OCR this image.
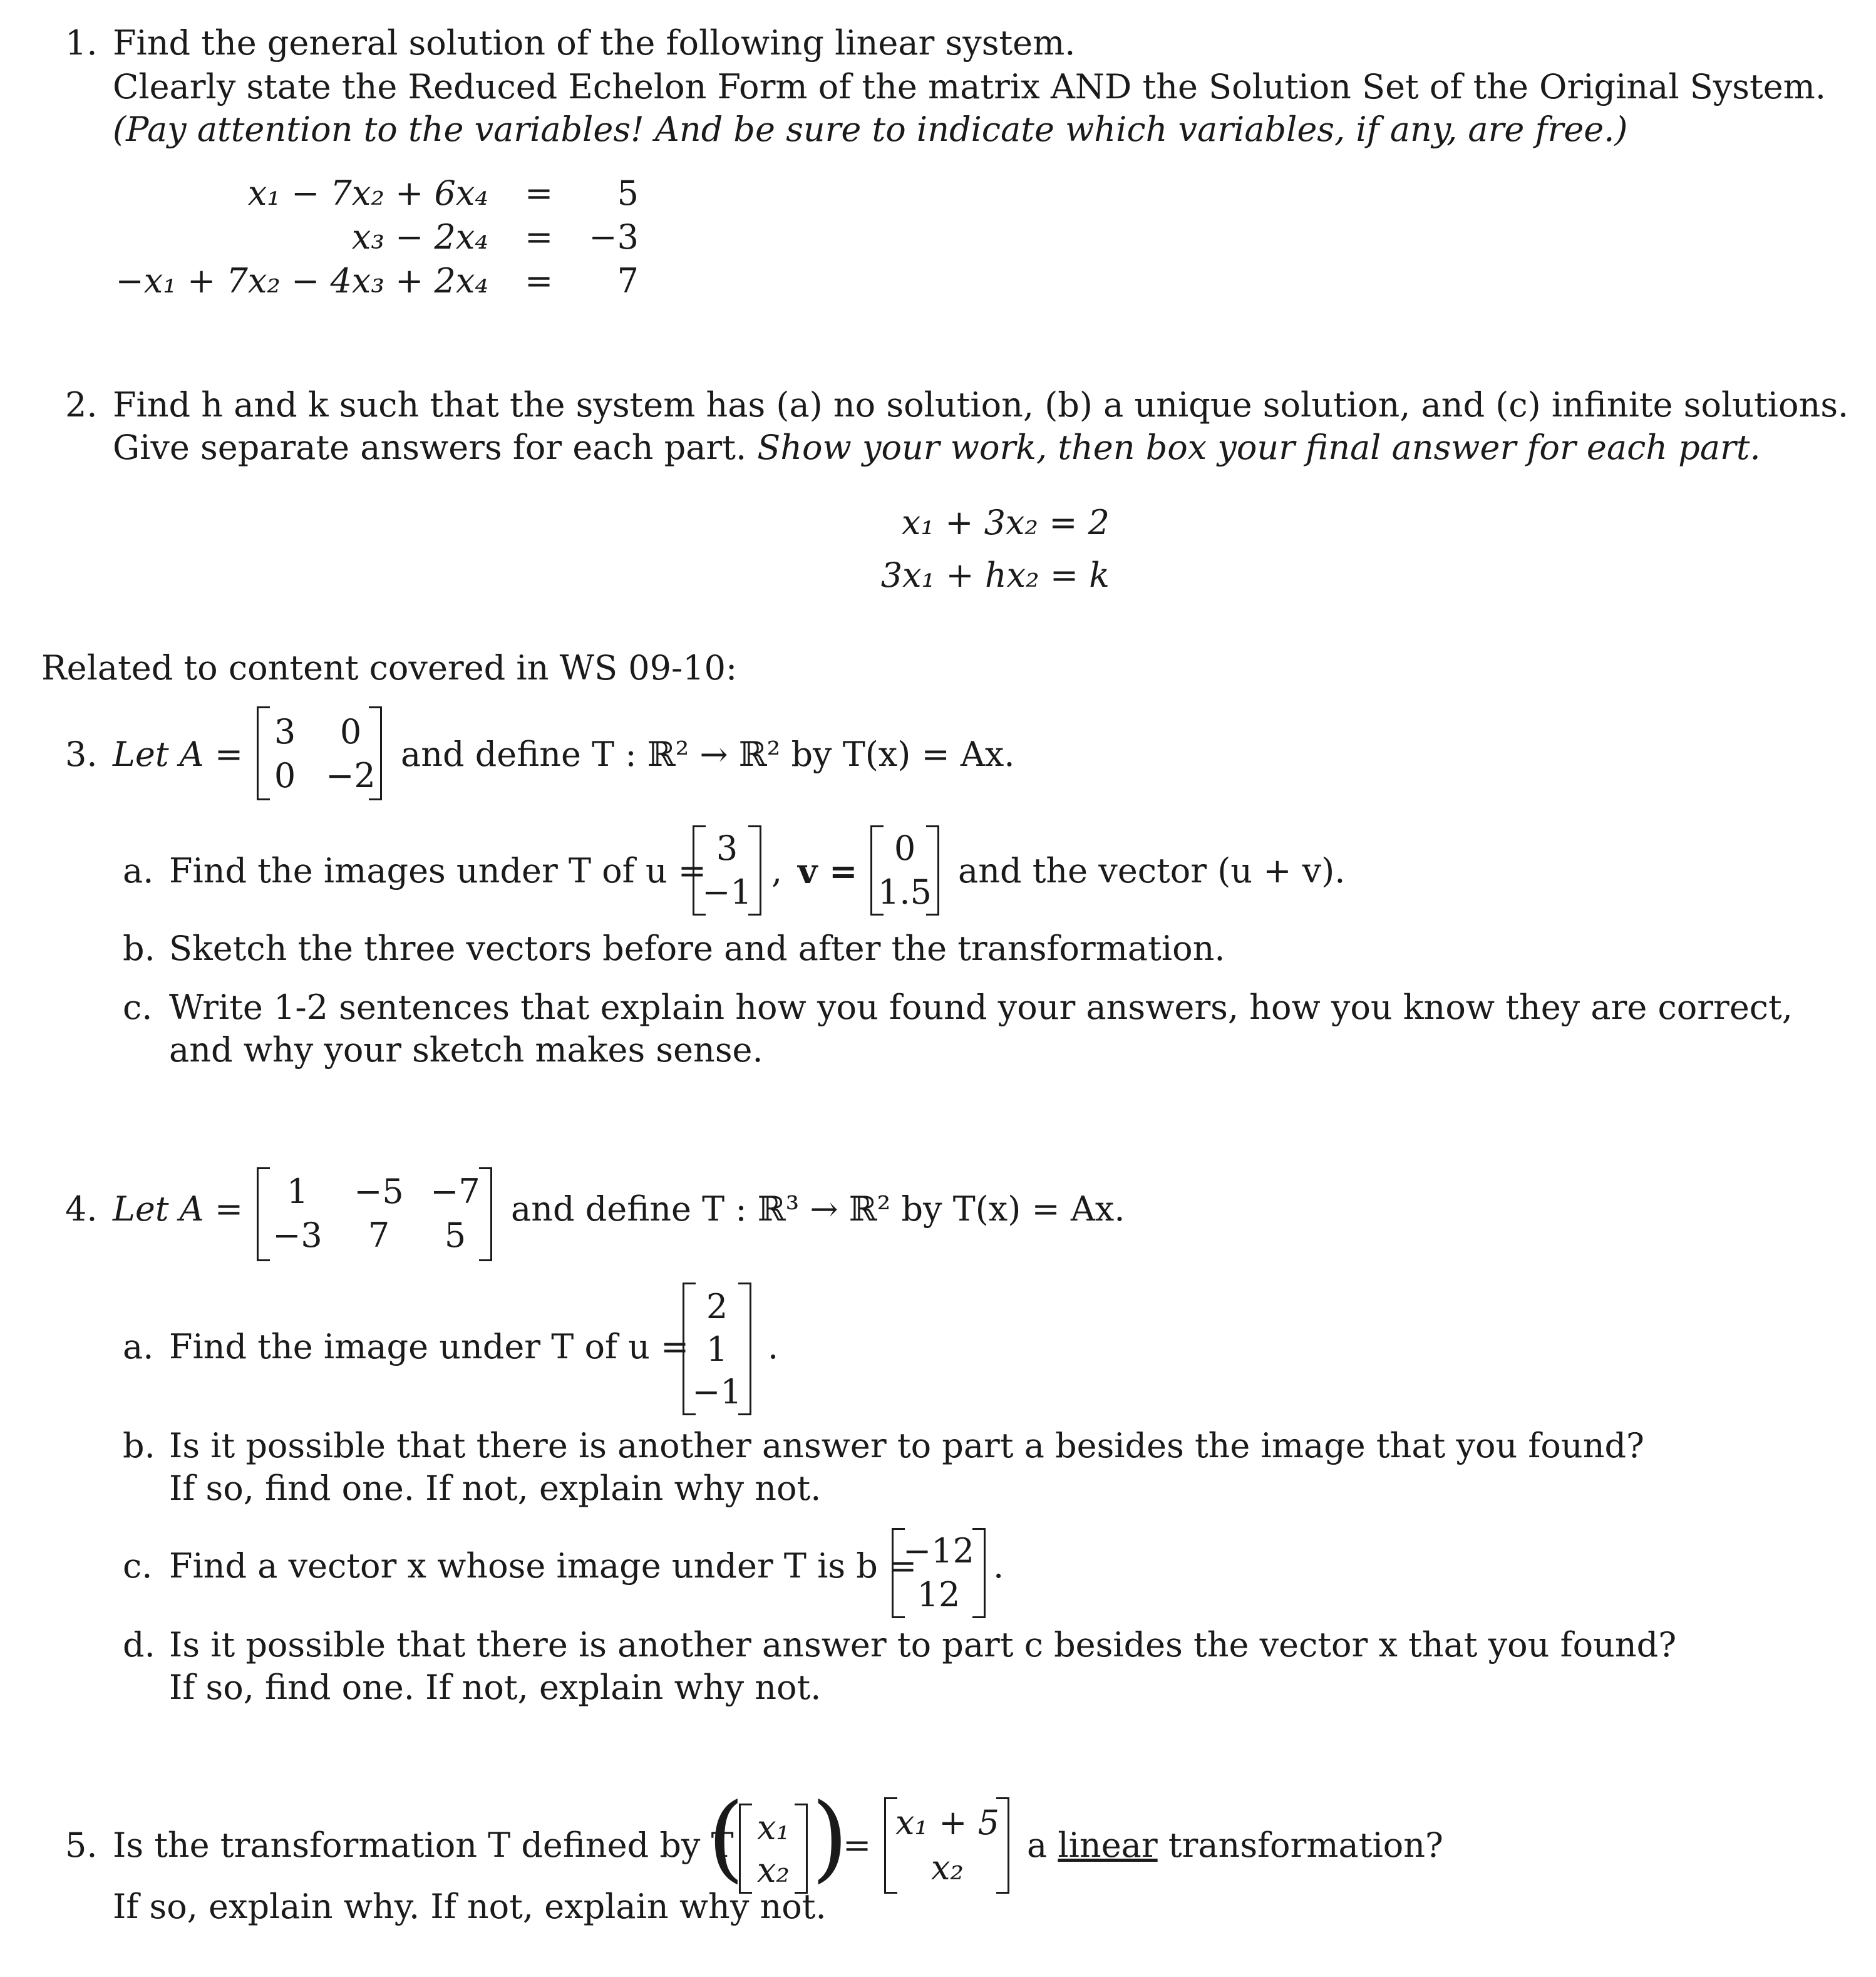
1. Find the general solution of the following linear system.
Clearly state the Reduced Echelon Form of the matrix AND the Solution Set of the Original System.
(Pay attention to the variables! And be sure to indicate which variables, if any, are free.)
x₁ − 7x₂ + 6x₄ = 5
x₃ − 2x₄ = −3
−x₁ + 7x₂ − 4x₃ + 2x₄ = 7
2. Find h and k such that the system has (a) no solution, (b) a unique solution, and (c) infinite solutions.
Give separate answers for each part. Show your work, then box your final answer for each part.
x₁ + 3x₂ = 2
3x₁ + hx₂ = k
Related to content covered in WS 09-10:
3. Let A =
3	0
0 −2
and define T : ℝ² → ℝ² by T(x) = Ax.
a. Find the images under T of u =
3
−1
, v =
0
1.5
and the vector (u + v).
b. Sketch the three vectors before and after the transformation.
c. Write 1-2 sentences that explain how you found your answers, how you know they are correct,
and why your sketch makes sense.
4. Let A =	1	−5 −7
−3	7	5
and define T : ℝ³ → ℝ² by T(x) = Ax.
a. Find the image under T of u =
2
1
−1
.
b. Is it possible that there is another answer to part a besides the image that you found?
If so, find one. If not, explain why not.
c. Find a vector x whose image under T is b =
−12
12
.
d. Is it possible that there is another answer to part c besides the vector x that you found?
If so, find one. If not, explain why not.
5. Is the transformation T defined by T
( x₁
x₂ )
=
x₁ + 5
x₂
a linear transformation?
If so, explain why. If not, explain why not.
